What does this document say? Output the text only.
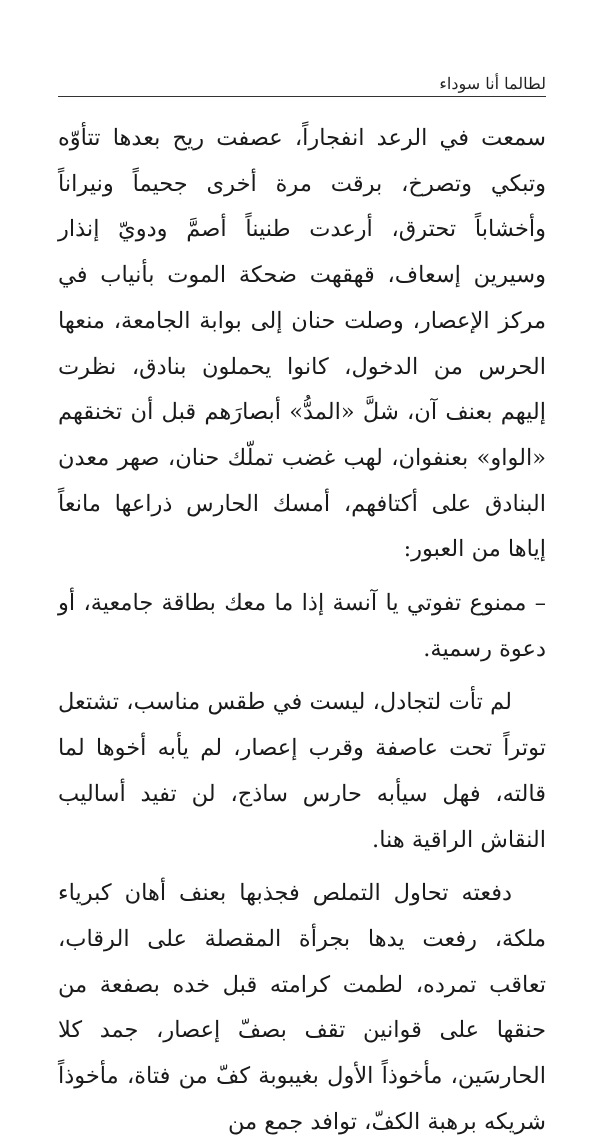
لطالما أنا سوداء

سمعت في الرعد انفجاراً، عصفت ريح بعدها تتأوّه وتبكي وتصرخ، برقت مرة أخرى جحيماً ونيراناً وأخشاباً تحترق، أرعدت طنيناً أصمَّ ودويّ إنذار وسيرين إسعاف، قهقهت ضحكة الموت بأنياب في مركز الإعصار، وصلت حنان إلى بوابة الجامعة، منعها الحرس من الدخول، كانوا يحملون بنادق، نظرت إليهم بعنف آن، شلَّ «المدُّ» أبصارَهم قبل أن تخنقهم «الواو» بعنفوان، لهب غضب تملّك حنان، صهر معدن البنادق على أكتافهم، أمسك الحارس ذراعها مانعاً إياها من العبور:

– ممنوع تفوتي يا آنسة إذا ما معك بطاقة جامعية، أو دعوة رسمية.

لم تأت لتجادل، ليست في طقس مناسب، تشتعل توتراً تحت عاصفة وقرب إعصار، لم يأبه أخوها لما قالته، فهل سيأبه حارس ساذج، لن تفيد أساليب النقاش الراقية هنا.

دفعته تحاول التملص فجذبها بعنف أهان كبرياء ملكة، رفعت يدها بجرأة المقصلة على الرقاب، تعاقب تمرده، لطمت كرامته قبل خده بصفعة من حنقها على قوانين تقف بصفّ إعصار، جمد كلا الحارسَين، مأخوذاً الأول بغيبوبة كفّ من فتاة، مأخوذاً شريكه برهبة الكفّ، توافد جمع من
